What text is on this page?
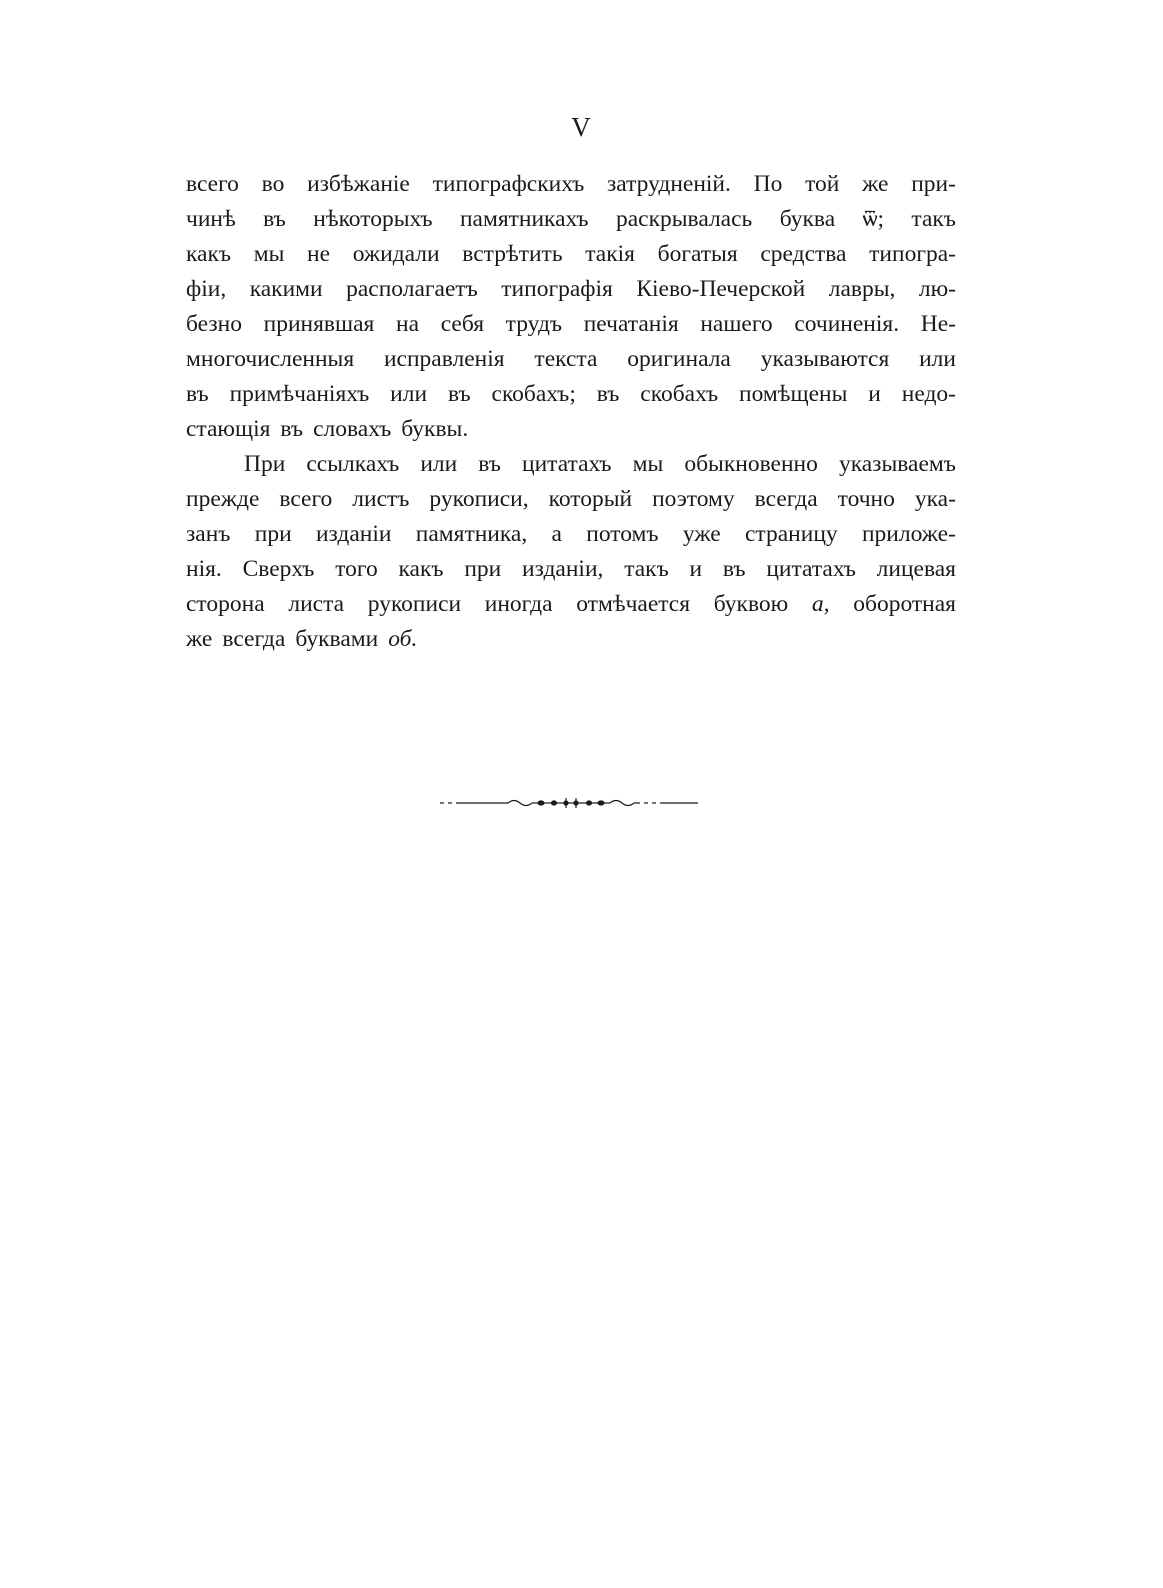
V
всего во избѣжаніе типографскихъ затрудненій. По той же при-
чинѣ въ нѣкоторыхъ памятникахъ раскрывалась буква ѿ; такъ
какъ мы не ожидали встрѣтить такія богатыя средства типогра-
фіи, какими располагаетъ типографія Кіево-Печерской лавры, лю-
безно принявшая на себя трудъ печатанія нашего сочиненія. Не-
многочисленныя исправленія текста оригинала указываются или
въ примѣчаніяхъ или въ скобахъ; въ скобахъ помѣщены и недо-
стающія въ словахъ буквы.
При ссылкахъ или въ цитатахъ мы обыкновенно указываемъ
прежде всего листъ рукописи, который поэтому всегда точно ука-
занъ при изданіи памятника, а потомъ уже страницу приложе-
нія. Сверхъ того какъ при изданіи, такъ и въ цитатахъ лицевая
сторона листа рукописи иногда отмѣчается буквою а, оборотная
же всегда буквами об.
